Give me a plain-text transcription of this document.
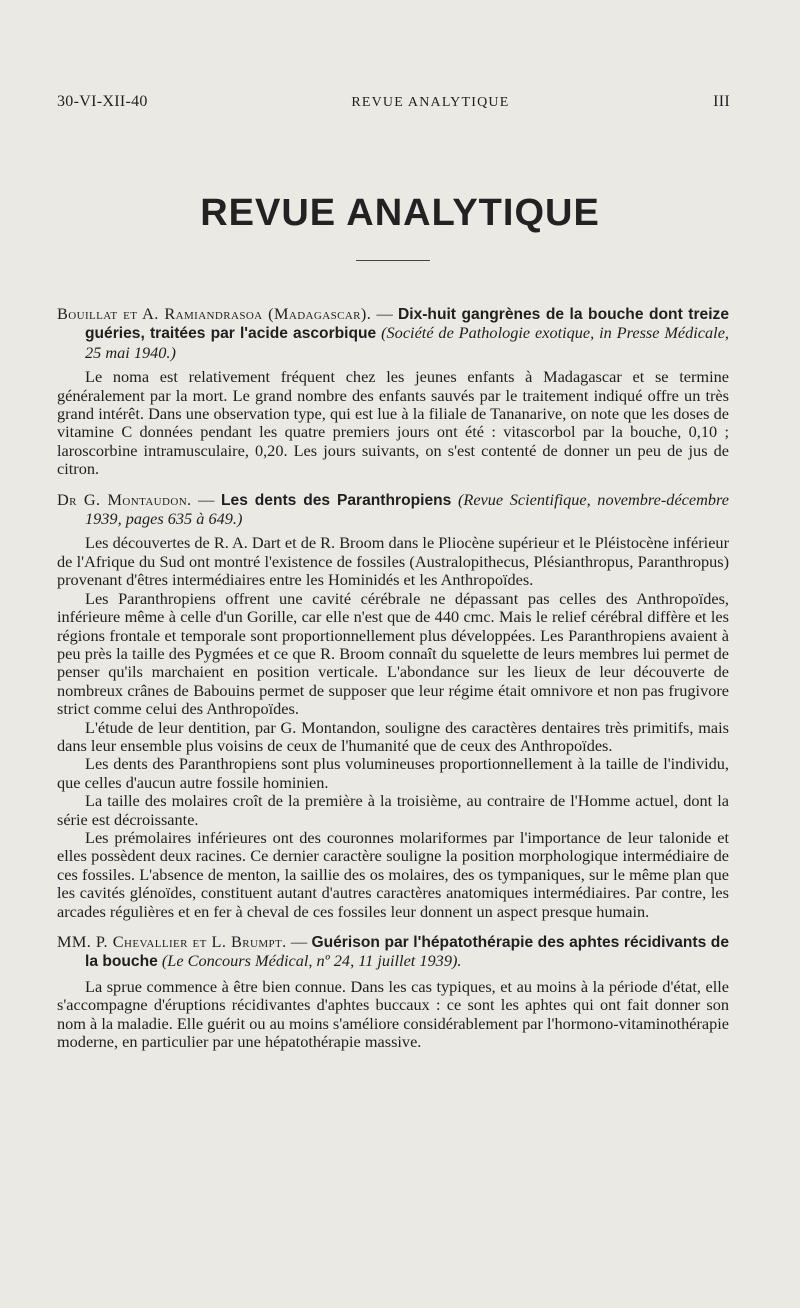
30-VI-XII-40	REVUE ANALYTIQUE	III
REVUE ANALYTIQUE

Bouillat et A. Ramiandrasoa (Madagascar). — Dix-huit gangrènes de la bouche dont treize guéries, traitées par l'acide ascorbique (Société de Pathologie exotique, in Presse Médicale, 25 mai 1940.)

Le noma est relativement fréquent chez les jeunes enfants à Madagascar et se termine généralement par la mort. Le grand nombre des enfants sauvés par le traitement indiqué offre un très grand intérêt. Dans une observation type, qui est lue à la filiale de Tananarive, on note que les doses de vitamine C données pendant les quatre premiers jours ont été : vitascorbol par la bouche, 0,10 ; laroscorbine intramusculaire, 0,20. Les jours suivants, on s'est contenté de donner un peu de jus de citron.

Dr G. Montaudon. — Les dents des Paranthropiens (Revue Scientifique, novembre-décembre 1939, pages 635 à 649.)

Les découvertes de R. A. Dart et de R. Broom dans le Pliocène supérieur et le Pléistocène inférieur de l'Afrique du Sud ont montré l'existence de fossiles (Australopithecus, Plésianthropus, Paranthropus) provenant d'êtres intermédiaires entre les Hominidés et les Anthropoïdes.

Les Paranthropiens offrent une cavité cérébrale ne dépassant pas celles des Anthropoïdes, inférieure même à celle d'un Gorille, car elle n'est que de 440 cmc. Mais le relief cérébral diffère et les régions frontale et temporale sont proportionnellement plus développées. Les Paranthropiens avaient à peu près la taille des Pygmées et ce que R. Broom connaît du squelette de leurs membres lui permet de penser qu'ils marchaient en position verticale. L'abondance sur les lieux de leur découverte de nombreux crânes de Babouins permet de supposer que leur régime était omnivore et non pas frugivore strict comme celui des Anthropoïdes.

L'étude de leur dentition, par G. Montandon, souligne des caractères dentaires très primitifs, mais dans leur ensemble plus voisins de ceux de l'humanité que de ceux des Anthropoïdes.

Les dents des Paranthropiens sont plus volumineuses proportionnellement à la taille de l'individu, que celles d'aucun autre fossile hominien.

La taille des molaires croît de la première à la troisième, au contraire de l'Homme actuel, dont la série est décroissante.

Les prémolaires inférieures ont des couronnes molariformes par l'importance de leur talonide et elles possèdent deux racines. Ce dernier caractère souligne la position morphologique intermédiaire de ces fossiles. L'absence de menton, la saillie des os molaires, des os tympaniques, sur le même plan que les cavités glénoïdes, constituent autant d'autres caractères anatomiques intermédiaires. Par contre, les arcades régulières et en fer à cheval de ces fossiles leur donnent un aspect presque humain.

MM. P. Chevallier et L. Brumpt. — Guérison par l'hépatothérapie des aphtes récidivants de la bouche (Le Concours Médical, nº 24, 11 juillet 1939).

La sprue commence à être bien connue. Dans les cas typiques, et au moins à la période d'état, elle s'accompagne d'éruptions récidivantes d'aphtes buccaux : ce sont les aphtes qui ont fait donner son nom à la maladie. Elle guérit ou au moins s'améliore considérablement par l'hormono-vitaminothérapie moderne, en particulier par une hépatothérapie massive.
